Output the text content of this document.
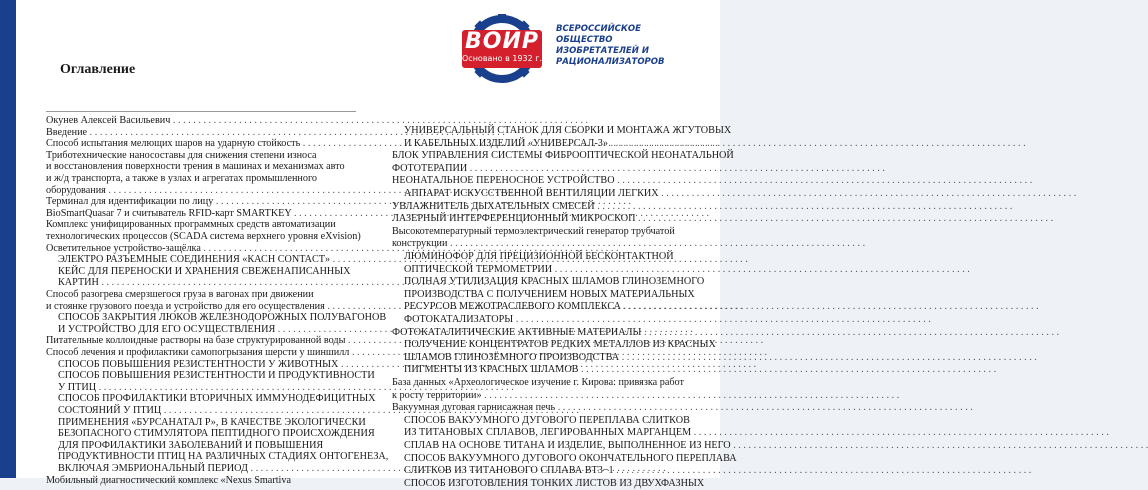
ВОИР
Основано в 1932 г.
ВСЕРОССИЙСКОЕ
ОБЩЕСТВО
ИЗОБРЕТАТЕЛЕЙ И
РАЦИОНАЛИЗАТОРОВ
Оглавление
Окунев Алексей Васильевич . . .
Введение . . .
Способ испытания мелющих шаров на ударную стойкость . . .
Триботехнические наносоставы для снижения степени износа
и восстановления поверхности трения в машинах и механизмах авто
и ж/д транспорта, а также в узлах и агрегатах промышленного
оборудования . . .
Терминал для идентификации по лицу . . .
BioSmartQuasar 7 и считыватель RFID-карт SMARTKEY . . .
Комплекс унифицированных программных средств автоматизации
технологических процессов (SCADA система верхнего уровня eXvision)
Осветительное устройство-защёлка . . .
ЭЛЕКТРО РАЗЪЕМНЫЕ СОЕДИНЕНИЯ «КАСН CONTACT» . . .
КЕЙС ДЛЯ ПЕРЕНОСКИ И ХРАНЕНИЯ СВЕЖЕНАПИСАННЫХ
КАРТИН . . .
Способ разогрева смерзшегося груза в вагонах при движении
и стоянке грузового поезда и устройство для его осуществления . . .
СПОСОБ ЗАКРЫТИЯ ЛЮКОВ ЖЕЛЕЗНОДОРОЖНЫХ ПОЛУВАГОНОВ
И УСТРОЙСТВО ДЛЯ ЕГО ОСУЩЕСТВЛЕНИЯ . . .
Питательные коллоидные растворы на базе структурированной воды . . .
Способ лечения и профилактики самопогрызания шерсти у шиншилл . . .
СПОСОБ ПОВЫШЕНИЯ РЕЗИСТЕНТНОСТИ У ЖИВОТНЫХ . . .
СПОСОБ ПОВЫШЕНИЯ РЕЗИСТЕНТНОСТИ И ПРОДУКТИВНОСТИ
У ПТИЦ . . .
СПОСОБ ПРОФИЛАКТИКИ ВТОРИЧНЫХ ИММУНОДЕФИЦИТНЫХ
СОСТОЯНИЙ У ПТИЦ . . .
ПРИМЕНЕНИЯ «БУРСАНАТАЛ Р», В КАЧЕСТВЕ ЭКОЛОГИЧЕСКИ
БЕЗОПАСНОГО СТИМУЛЯТОРА ПЕПТИДНОГО ПРОИСХОЖДЕНИЯ
ДЛЯ ПРОФИЛАКТИКИ ЗАБОЛЕВАНИЙ И ПОВЫШЕНИЯ
ПРОДУКТИВНОСТИ ПТИЦ НА РАЗЛИЧНЫХ СТАДИЯХ ОНТОГЕНЕЗА,
ВКЛЮЧАЯ ЭМБРИОНАЛЬНЫЙ ПЕРИОД . . .
Мобильный диагностический комплекс «Nexus Smartiva
УНИВЕРСАЛЬНЫЙ СТАНОК ДЛЯ СБОРКИ И МОНТАЖА ЖГУТОВЫХ
И КАБЕЛЬНЫХ ИЗДЕЛИЙ «УНИВЕРСАЛ-3» . . .
БЛОК УПРАВЛЕНИЯ СИСТЕМЫ ФИБРООПТИЧЕСКОЙ НЕОНАТАЛЬНОЙ
ФОТОТЕРАПИИ . . .
НЕОНАТАЛЬНОЕ ПЕРЕНОСНОЕ УСТРОЙСТВО . . .
АППАРАТ ИСКУССТВЕННОЙ ВЕНТИЛЯЦИИ ЛЕГКИХ . . .
УВЛАЖНИТЕЛЬ ДЫХАТЕЛЬНЫХ СМЕСЕЙ . . .
ЛАЗЕРНЫЙ ИНТЕРФЕРЕНЦИОННЫЙ МИКРОСКОП . . .
Высокотемпературный термоэлектрический генератор трубчатой
конструкции . . .
ЛЮМИНОФОР ДЛЯ ПРЕЦИЗИОННОЙ БЕСКОНТАКТНОЙ
ОПТИЧЕСКОЙ ТЕРМОМЕТРИИ . . .
ПОЛНАЯ УТИЛИЗАЦИЯ КРАСНЫХ ШЛАМОВ ГЛИНОЗЕМНОГО
ПРОИЗВОДСТВА С ПОЛУЧЕНИЕМ НОВЫХ МАТЕРИАЛЬНЫХ
РЕСУРСОВ МЕЖОТРАСЛЕВОГО КОМПЛЕКСА . . .
ФОТОКАТАЛИЗАТОРЫ . . .
ФОТОКАТАЛИТИЧЕСКИЕ АКТИВНЫЕ МАТЕРИАЛЫ . . .
ПОЛУЧЕНИЕ КОНЦЕНТРАТОВ РЕДКИХ МЕТАЛЛОВ ИЗ КРАСНЫХ
ШЛАМОВ ГЛИНОЗЁМНОГО ПРОИЗВОДСТВА . . .
ПИГМЕНТЫ ИЗ КРАСНЫХ ШЛАМОВ . . .
База данных «Археологическое изучение г. Кирова: привязка работ
к росту территории» . . .
Вакуумная дуговая гарнисажная печь . . .
СПОСОБ ВАКУУМНОГО ДУГОВОГО ПЕРЕПЛАВА СЛИТКОВ
ИЗ ТИТАНОВЫХ СПЛАВОВ, ЛЕГИРОВАННЫХ МАРГАНЦЕМ . . .
СПЛАВ НА ОСНОВЕ ТИТАНА И ИЗДЕЛИЕ, ВЫПОЛНЕННОЕ ИЗ НЕГО . . .
СПОСОБ ВАКУУМНОГО ДУГОВОГО ОКОНЧАТЕЛЬНОГО ПЕРЕПЛАВА
СЛИТКОВ ИЗ ТИТАНОВОГО СПЛАВА ВТ3−1 . . .
СПОСОБ ИЗГОТОВЛЕНИЯ ТОНКИХ ЛИСТОВ ИЗ ДВУХФАЗНЫХ
